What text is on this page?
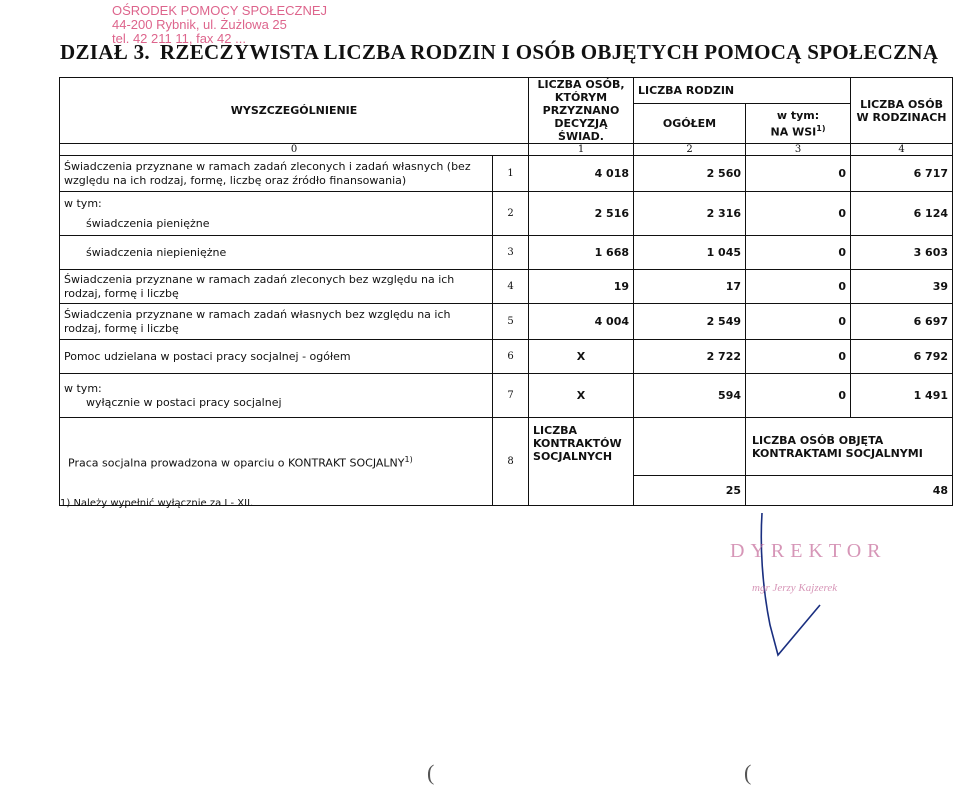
OŚRODEK POMOCY SPOŁECZNEJ
44-200 Rybnik, ul. Żużlowa 25
tel. 42 211 11, fax 42 ...
DZIAŁ 3. RZECZYWISTA LICZBA RODZIN I OSÓB OBJĘTYCH POMOCĄ SPOŁECZNĄ
WYSZCZEGÓLNIENIE		LICZBA OSÓB, KTÓRYM PRZYZNANO DECYZJĄ ŚWIAD.	LICZBA RODZIN		LICZBA OSÓB W RODZINACH
			OGÓŁEM	w tym:
NA WSI$^{1)}$

0		1	2	3	4
Świadczenia przyznane w ramach zadań zleconych i zadań własnych (bez względu na ich rodzaj, formę, liczbę oraz źródło finansowania)	1	4 018	2 560	0	6 717

w tym:
świadczenia pieniężne	2	2 516	2 316	0	6 124
świadczenia niepieniężne	3	1 668	1 045	0	3 603
Świadczenia przyznane w ramach zadań zleconych bez względu na ich rodzaj, formę i liczbę	4	19	17	0	39
Świadczenia przyznane w ramach zadań własnych bez względu na ich rodzaj, formę i liczbę	5	4 004	2 549	0	6 697
Pomoc udzielana w postaci pracy socjalnej - ogółem	6	X	2 722	0	6 792

w tym:
wyłącznie w postaci pracy socjalnej	7	X	594	0	1 491
Praca socjalna prowadzona w oparciu o KONTRAKT SOCJALNY$^{1)}$	8	LICZBA KONTRAKTÓW SOCJALNYCH		LICZBA OSÓB OBJĘTA KONTRAKTAMI SOCJALNYMI	
			25	48	
1) Należy wypełnić wyłącznie za I - XII.
DYREKTOR
mgr Jerzy Kajzerek
(	(
